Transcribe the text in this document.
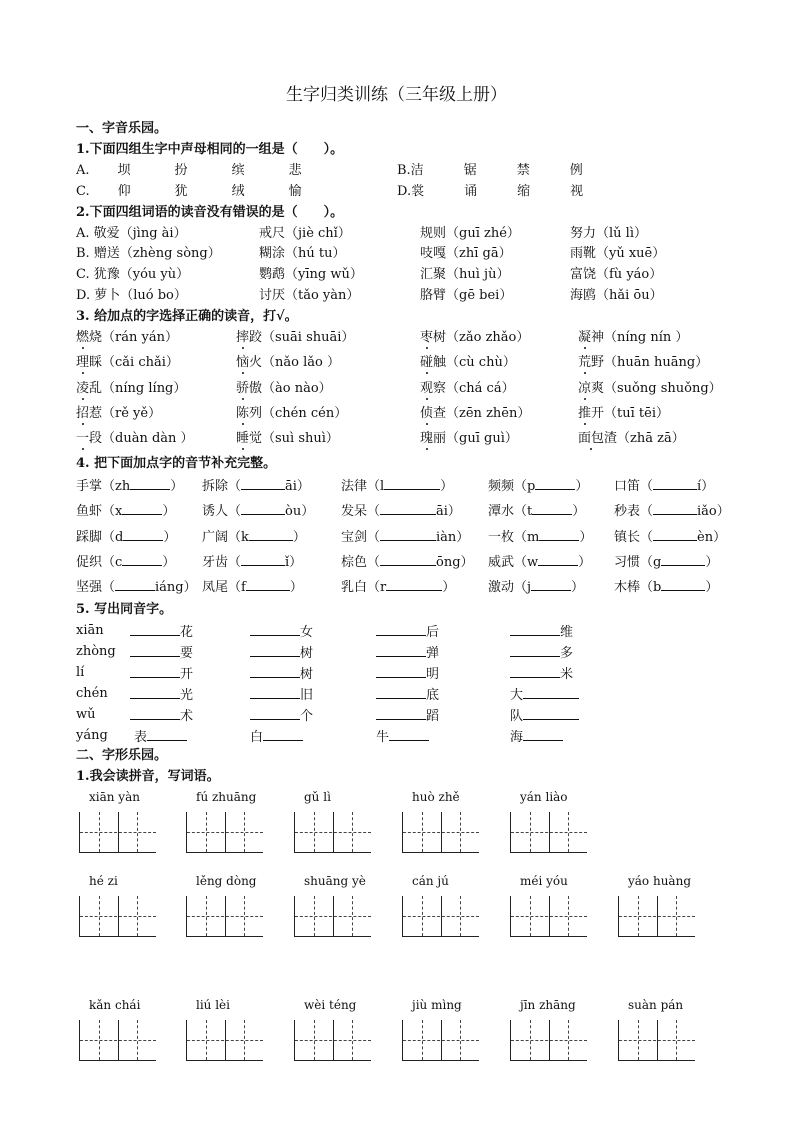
生字归类训练（三年级上册）
一、字音乐园。
1.下面四组生字中声母相同的一组是（　　）。
A. 坝	扮	缤	悲	B.洁	锯	禁	例
C. 仰	犹	绒	愉	D.裳	诵	缩	视
2.下面四组词语的读音没有错误的是（　　）。
A. 敬爱（jìng ài）	戒尺（jiè chǐ）	规则（guī zhé）	努力（lǔ lì）
B. 赠送（zhèng sòng）	糊涂（hú tu）	吱嘎（zhī gā）	雨靴（yǔ xuē）
C. 犹豫（yóu yù）	鹦鹉（yīng wǔ）	汇聚（huì jù）	富饶（fù yáo）
D. 萝卜（luó bo）	讨厌（tǎo yàn）	胳臂（gē bei）	海鸥（hǎi ōu）
3. 给加点的字选择正确的读音，打√。
燃烧（rán yán）	摔跤（suāi shuāi）	枣树（zǎo zhǎo）	凝神（níng nín ）
理睬（cǎi chǎi）	恼火（nǎo lǎo ）	碰触（cù chù）	荒野（huān huāng）
凌乱（níng líng）	骄傲（ào nào）	观察（chá cá）	凉爽（suǒng shuǒng）
招惹（rě yě）	陈列（chén cén）	侦查（zēn zhēn）	推开（tuī tēi）
一段（duàn dàn ）	睡觉（suì shuì）	瑰丽（guī guì）	面包渣（zhā zā）
4. 把下面加点字的音节补充完整。
手掌（zh	） 拆除（	āi） 法律（l	）	频频（p	） 口笛（	í）
鱼虾（x	） 诱人（	òu） 发呆（	āi） 潭水（t	） 秒表（	iǎo）
踩脚（d	） 广阔（k	）	宝剑（	iàn） 一枚（m	） 镇长（	èn）
促织（c	） 牙齿（	ǐ）	棕色（	ōng） 威武（w	） 习惯（g	）
坚强（	iáng） 凤尾（f	）	乳白（r	）	激动（j	） 木棒（b	）
5. 写出同音字。
xiān	花	女	后	维
zhòng	要	树	弹	多
lí	开	树	明	米
chén	光	旧	底	大
wǔ	术	个	蹈	队
yáng 表	白	牛	海
二、字形乐园。
1.我会读拼音，写词语。
xiān yàn	fú zhuāng	gǔ lì	huò zhě	yán liào
hé zi	lěng dòng	shuāng yè	cán jú	méi yóu	yáo huàng
kǎn chái	liú lèi	wèi téng	jiù mìng	jīn zhāng	suàn pán
